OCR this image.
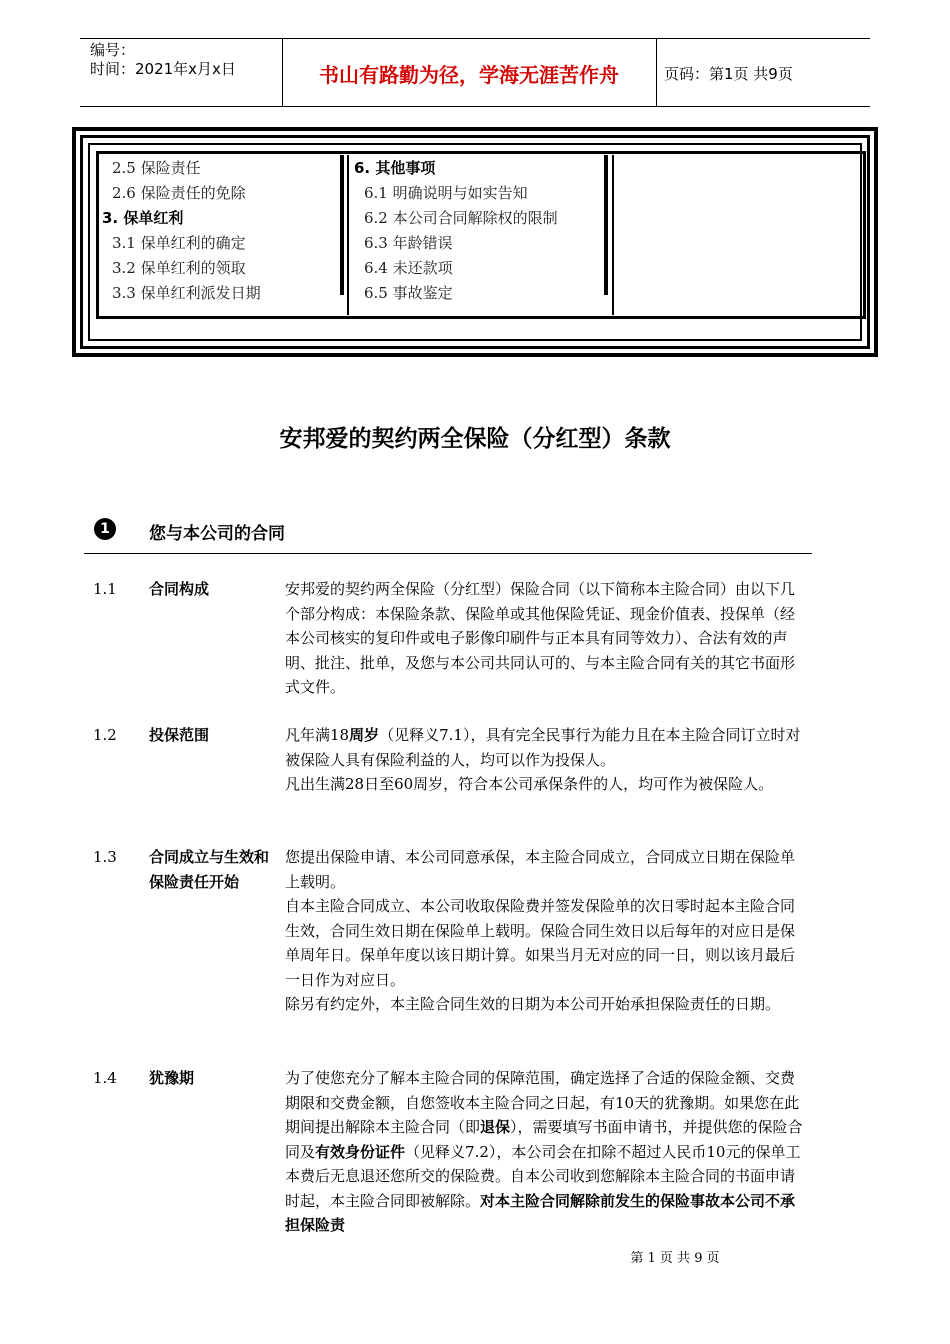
编号：
时间：2021年x月x日	书山有路勤为径，学海无涯苦作舟	页码：第1页 共9页
2.5 保险责任
2.6 保险责任的免除
3. 保单红利
3.1 保单红利的确定
3.2 保单红利的领取
3.3 保单红利派发日期
6. 其他事项
6.1 明确说明与如实告知
6.2 本公司合同解除权的限制
6.3 年龄错误
6.4 未还款项
6.5 事故鉴定
安邦爱的契约两全保险（分红型）条款
1	您与本公司的合同
1.1 合同构成	安邦爱的契约两全保险（分红型）保险合同（以下简称本主险合同）由以下几个部分构成：本保险条款、保险单或其他保险凭证、现金价值表、投保单（经本公司核实的复印件或电子影像印刷件与正本具有同等效力）、合法有效的声明、批注、批单，及您与本公司共同认可的、与本主险合同有关的其它书面形式文件。

1.2 投保范围	凡年满18周岁（见释义7.1），具有完全民事行为能力且在本主险合同订立时对被保险人具有保险利益的人，均可以作为投保人。

凡出生满28日至60周岁，符合本公司承保条件的人，均可作为被保险人。

1.3 合同成立与生效和保险责任开始

您提出保险申请、本公司同意承保，本主险合同成立，合同成立日期在保险单上载明。

自本主险合同成立、本公司收取保险费并签发保险单的次日零时起本主险合同生效，合同生效日期在保险单上载明。保险合同生效日以后每年的对应日是保单周年日。保单年度以该日期计算。如果当月无对应的同一日，则以该月最后一日作为对应日。

除另有约定外，本主险合同生效的日期为本公司开始承担保险责任的日期。

1.4 犹豫期	为了使您充分了解本主险合同的保障范围，确定选择了合适的保险金额、交费期限和交费金额，自您签收本主险合同之日起，有10天的犹豫期。如果您在此期间提出解除本主险合同（即退保），需要填写书面申请书，并提供您的保险合同及有效身份证件（见释义7.2），本公司会在扣除不超过人民币10元的保单工本费后无息退还您所交的保险费。自本公司收到您解除本主险合同的书面申请时起，本主险合同即被解除。对本主险合同解除前发生的保险事故本公司不承担保险责

第 1 页 共 9 页
